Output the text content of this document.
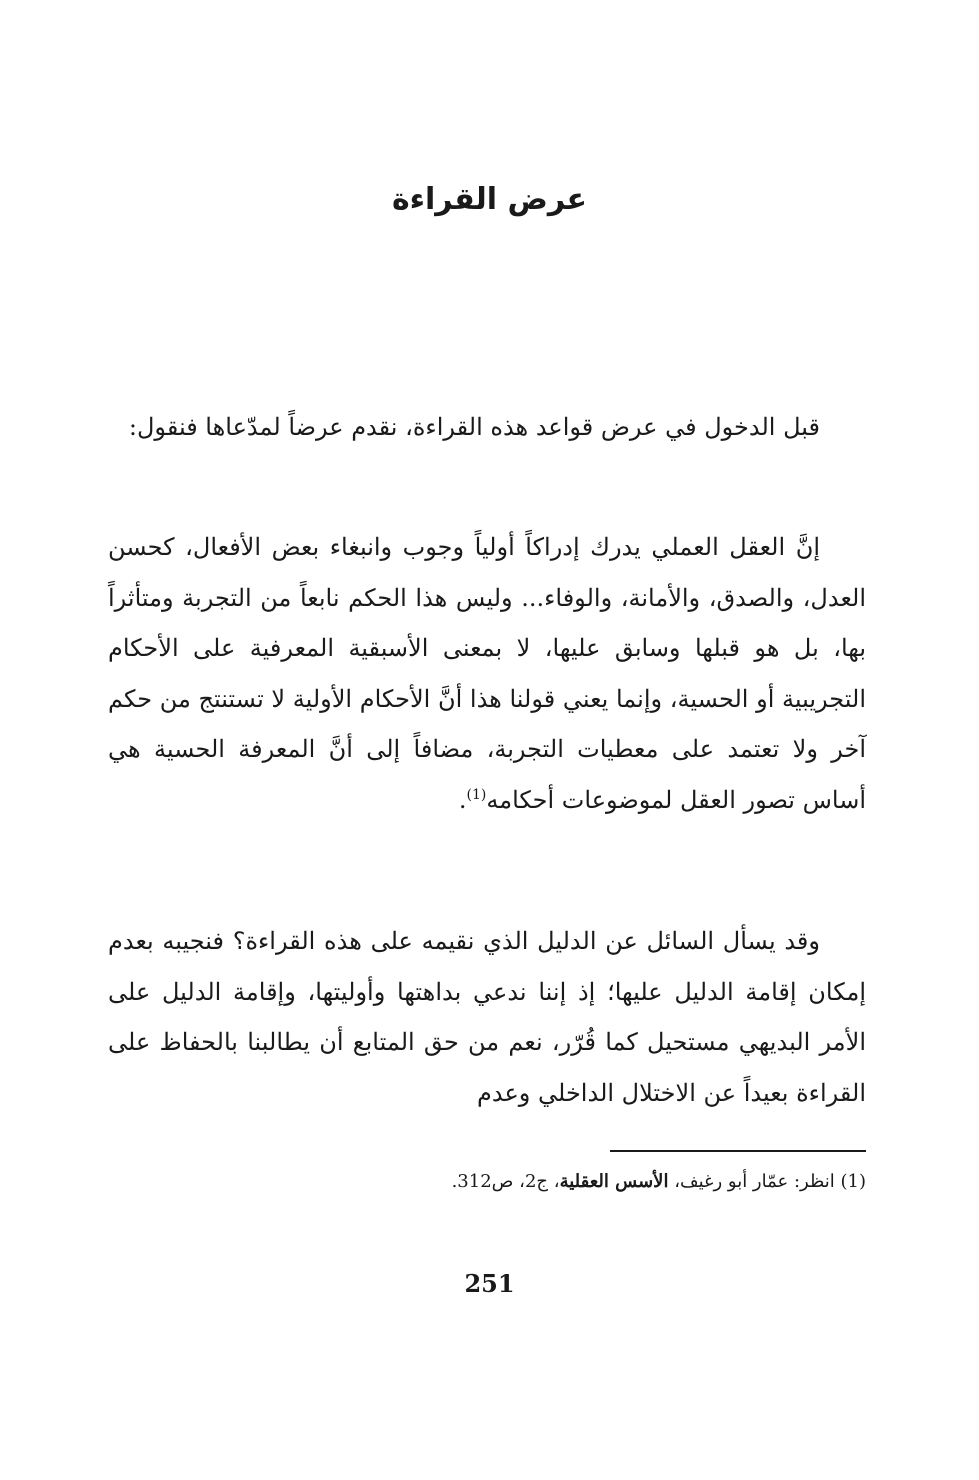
عرض القراءة

قبل الدخول في عرض قواعد هذه القراءة، نقدم عرضاً لمدّعاها فنقول:

إنَّ العقل العملي يدرك إدراكاً أولياً وجوب وانبغاء بعض الأفعال، كحسن العدل، والصدق، والأمانة، والوفاء... وليس هذا الحكم نابعاً من التجربة ومتأثراً بها، بل هو قبلها وسابق عليها، لا بمعنى الأسبقية المعرفية على الأحكام التجريبية أو الحسية، وإنما يعني قولنا هذا أنَّ الأحكام الأولية لا تستنتج من حكم آخر ولا تعتمد على معطيات التجربة، مضافاً إلى أنَّ المعرفة الحسية هي أساس تصور العقل لموضوعات أحكامه$^{(1)}$.

وقد يسأل السائل عن الدليل الذي نقيمه على هذه القراءة؟ فنجيبه بعدم إمكان إقامة الدليل عليها؛ إذ إننا ندعي بداهتها وأوليتها، وإقامة الدليل على الأمر البديهي مستحيل كما قُرّر، نعم من حق المتابع أن يطالبنا بالحفاظ على القراءة بعيداً عن الاختلال الداخلي وعدم

(1) انظر: عمّار أبو رغيف، الأسس العقلية، ج2، ص312.

251
